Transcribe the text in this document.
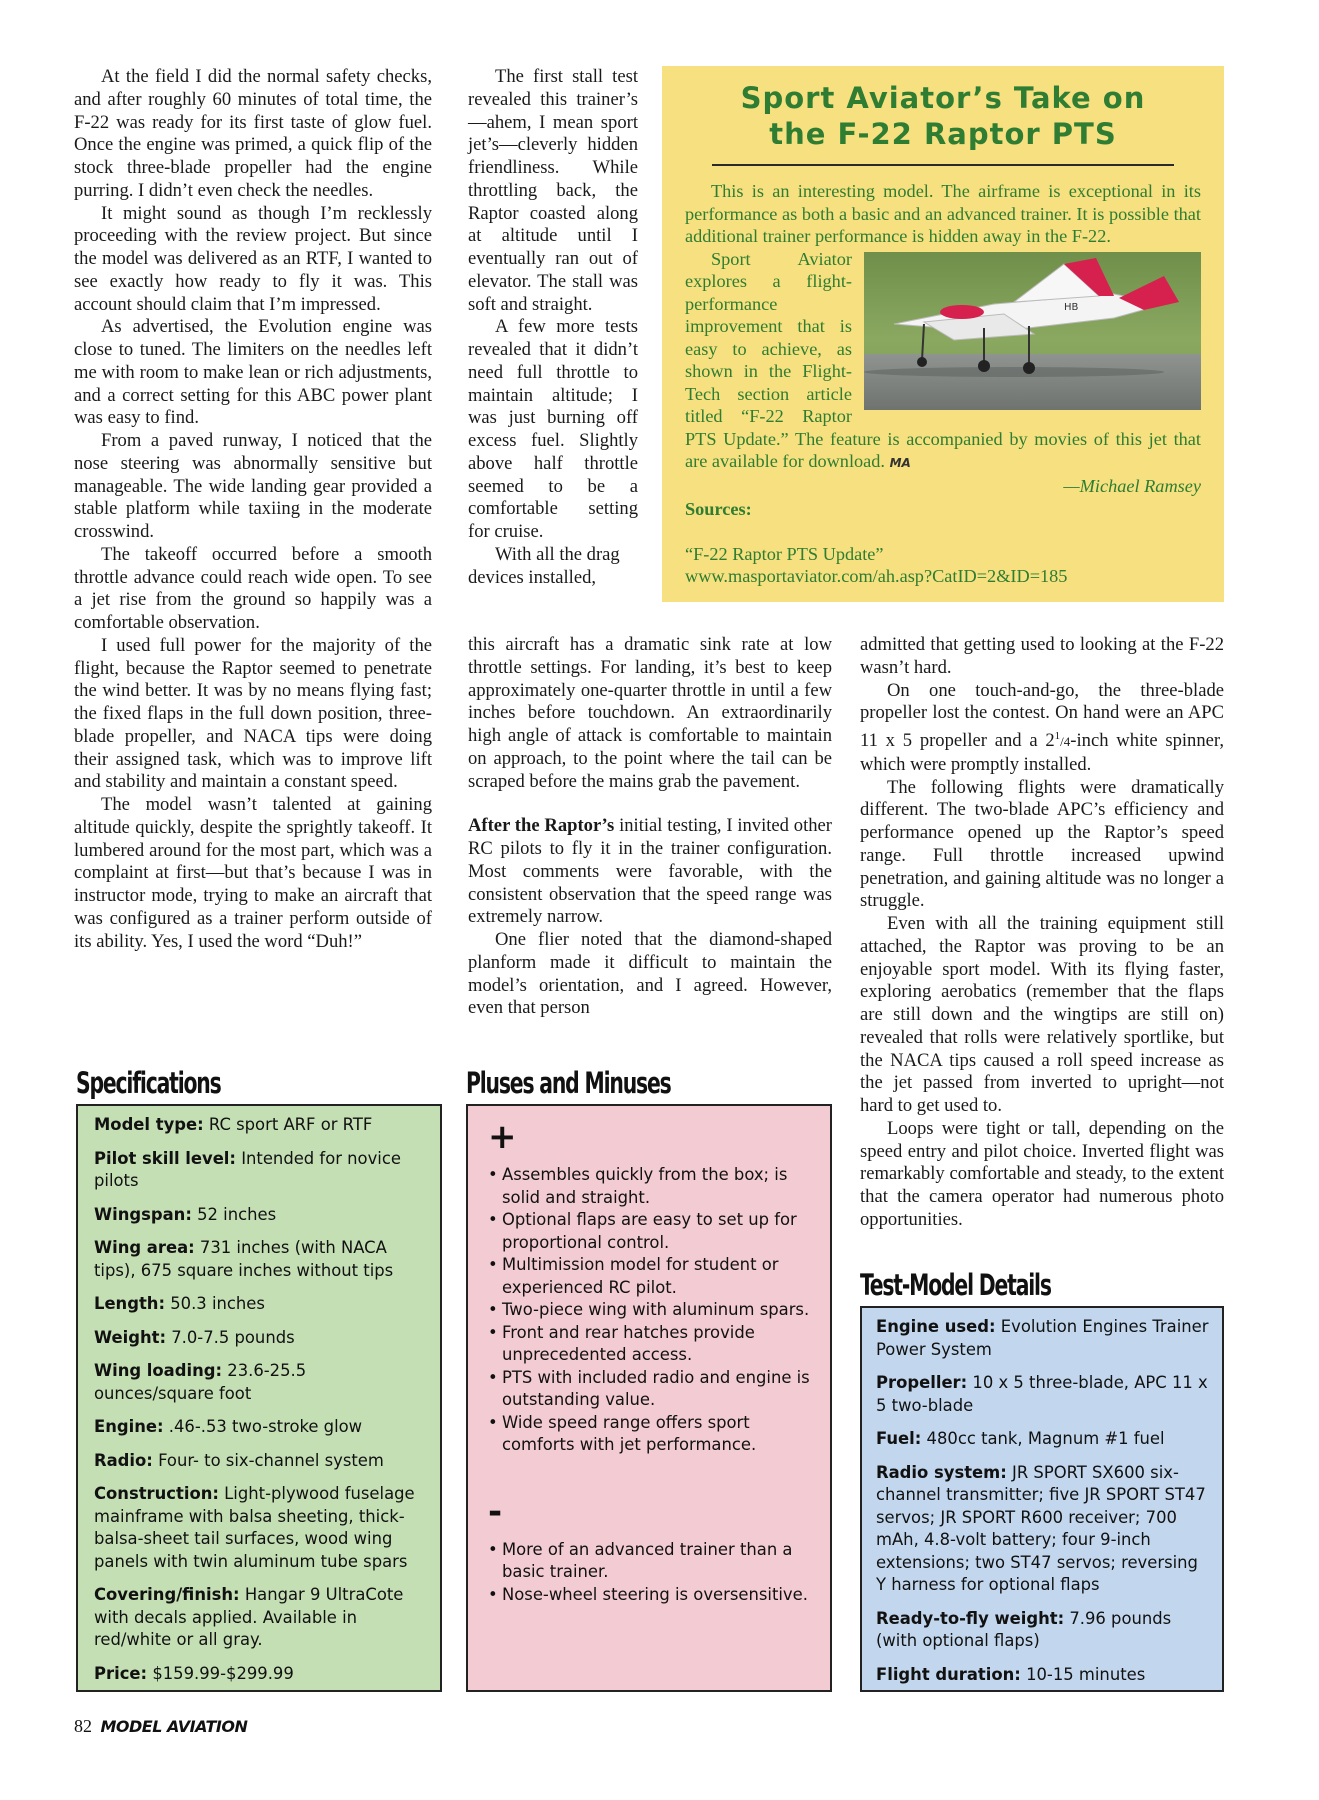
At the field I did the normal safety checks, and after roughly 60 minutes of total time, the F-22 was ready for its first taste of glow fuel. Once the engine was primed, a quick flip of the stock three-blade propeller had the engine purring. I didn’t even check the needles.

It might sound as though I’m recklessly proceeding with the review project. But since the model was delivered as an RTF, I wanted to see exactly how ready to fly it was. This account should claim that I’m impressed.

As advertised, the Evolution engine was close to tuned. The limiters on the needles left me with room to make lean or rich adjustments, and a correct setting for this ABC power plant was easy to find.

From a paved runway, I noticed that the nose steering was abnormally sensitive but manageable. The wide landing gear provided a stable platform while taxiing in the moderate crosswind.

The takeoff occurred before a smooth throttle advance could reach wide open. To see a jet rise from the ground so happily was a comfortable observation.

I used full power for the majority of the flight, because the Raptor seemed to penetrate the wind better. It was by no means flying fast; the fixed flaps in the full down position, three-blade propeller, and NACA tips were doing their assigned task, which was to improve lift and stability and maintain a constant speed.

The model wasn’t talented at gaining altitude quickly, despite the sprightly takeoff. It lumbered around for the most part, which was a complaint at first—but that’s because I was in instructor mode, trying to make an aircraft that was configured as a trainer perform outside of its ability. Yes, I used the word “Duh!”

The first stall test revealed this trainer’s—ahem, I mean sport jet’s—cleverly hidden friendliness. While throttling back, the Raptor coasted along at altitude until I eventually ran out of elevator. The stall was soft and straight.

A few more tests revealed that it didn’t need full throttle to maintain altitude; I was just burning off excess fuel. Slightly above half throttle seemed to be a comfortable setting for cruise.

With all the drag devices installed,

this aircraft has a dramatic sink rate at low throttle settings. For landing, it’s best to keep approximately one-quarter throttle in until a few inches before touchdown. An extraordinarily high angle of attack is comfortable to maintain on approach, to the point where the tail can be scraped before the mains grab the pavement.

After the Raptor’s initial testing, I invited other RC pilots to fly it in the trainer configuration. Most comments were favorable, with the consistent observation that the speed range was extremely narrow.

One flier noted that the diamond-shaped planform made it difficult to maintain the model’s orientation, and I agreed. However, even that person

admitted that getting used to looking at the F-22 wasn’t hard.

On one touch-and-go, the three-blade propeller lost the contest. On hand were an APC 11 x 5 propeller and a $2^1/4$-inch white spinner, which were promptly installed.

The following flights were dramatically different. The two-blade APC’s efficiency and performance opened up the Raptor’s speed range. Full throttle increased upwind penetration, and gaining altitude was no longer a struggle.

Even with all the training equipment still attached, the Raptor was proving to be an enjoyable sport model. With its flying faster, exploring aerobatics (remember that the flaps are still down and the wingtips are still on) revealed that rolls were relatively sportlike, but the NACA tips caused a roll speed increase as the jet passed from inverted to upright—not hard to get used to.

Loops were tight or tall, depending on the speed entry and pilot choice. Inverted flight was remarkably comfortable and steady, to the extent that the camera operator had numerous photo opportunities.

Sport Aviator’s Take on
the F-22 Raptor PTS

This is an interesting model. The airframe is exceptional in its performance as both a basic and an advanced trainer. It is possible that additional trainer performance is hidden away in the F-22.

HB

Sport Aviator explores a flight-performance improvement that is easy to achieve, as shown in the Flight-Tech section article titled “F-22 Raptor PTS Update.” The feature is accompanied by movies of this jet that are available for download. MA

—Michael Ramsey
Sources:
“F-22 Raptor PTS Update”
www.masportaviator.com/ah.asp?CatID=2&ID=185
Specifications
Model type: RC sport ARF or RTF
Pilot skill level: Intended for novice pilots
Wingspan: 52 inches
Wing area: 731 inches (with NACA tips), 675 square inches without tips
Length: 50.3 inches
Weight: 7.0-7.5 pounds
Wing loading: 23.6-25.5 ounces/square foot
Engine: .46-.53 two-stroke glow
Radio: Four- to six-channel system
Construction: Light-plywood fuselage mainframe with balsa sheeting, thick-balsa-sheet tail surfaces, wood wing panels with twin aluminum tube spars
Covering/finish: Hangar 9 UltraCote with decals applied. Available in red/white or all gray.
Price: $159.99-$299.99
Pluses and Minuses
+
• Assembles quickly from the box; is solid and straight.
• Optional flaps are easy to set up for proportional control.
• Multimission model for student or experienced RC pilot.
• Two-piece wing with aluminum spars.
• Front and rear hatches provide unprecedented access.
• PTS with included radio and engine is outstanding value.
• Wide speed range offers sport comforts with jet performance.
-
• More of an advanced trainer than a basic trainer.
• Nose-wheel steering is oversensitive.
Test-Model Details
Engine used: Evolution Engines Trainer Power System
Propeller: 10 x 5 three-blade, APC 11 x 5 two-blade
Fuel: 480cc tank, Magnum #1 fuel
Radio system: JR SPORT SX600 six-channel transmitter; five JR SPORT ST47 servos; JR SPORT R600 receiver; 700 mAh, 4.8-volt battery; four 9-inch extensions; two ST47 servos; reversing Y harness for optional flaps
Ready-to-fly weight: 7.96 pounds (with optional flaps)
Flight duration: 10-15 minutes
82 MODEL AVIATION
